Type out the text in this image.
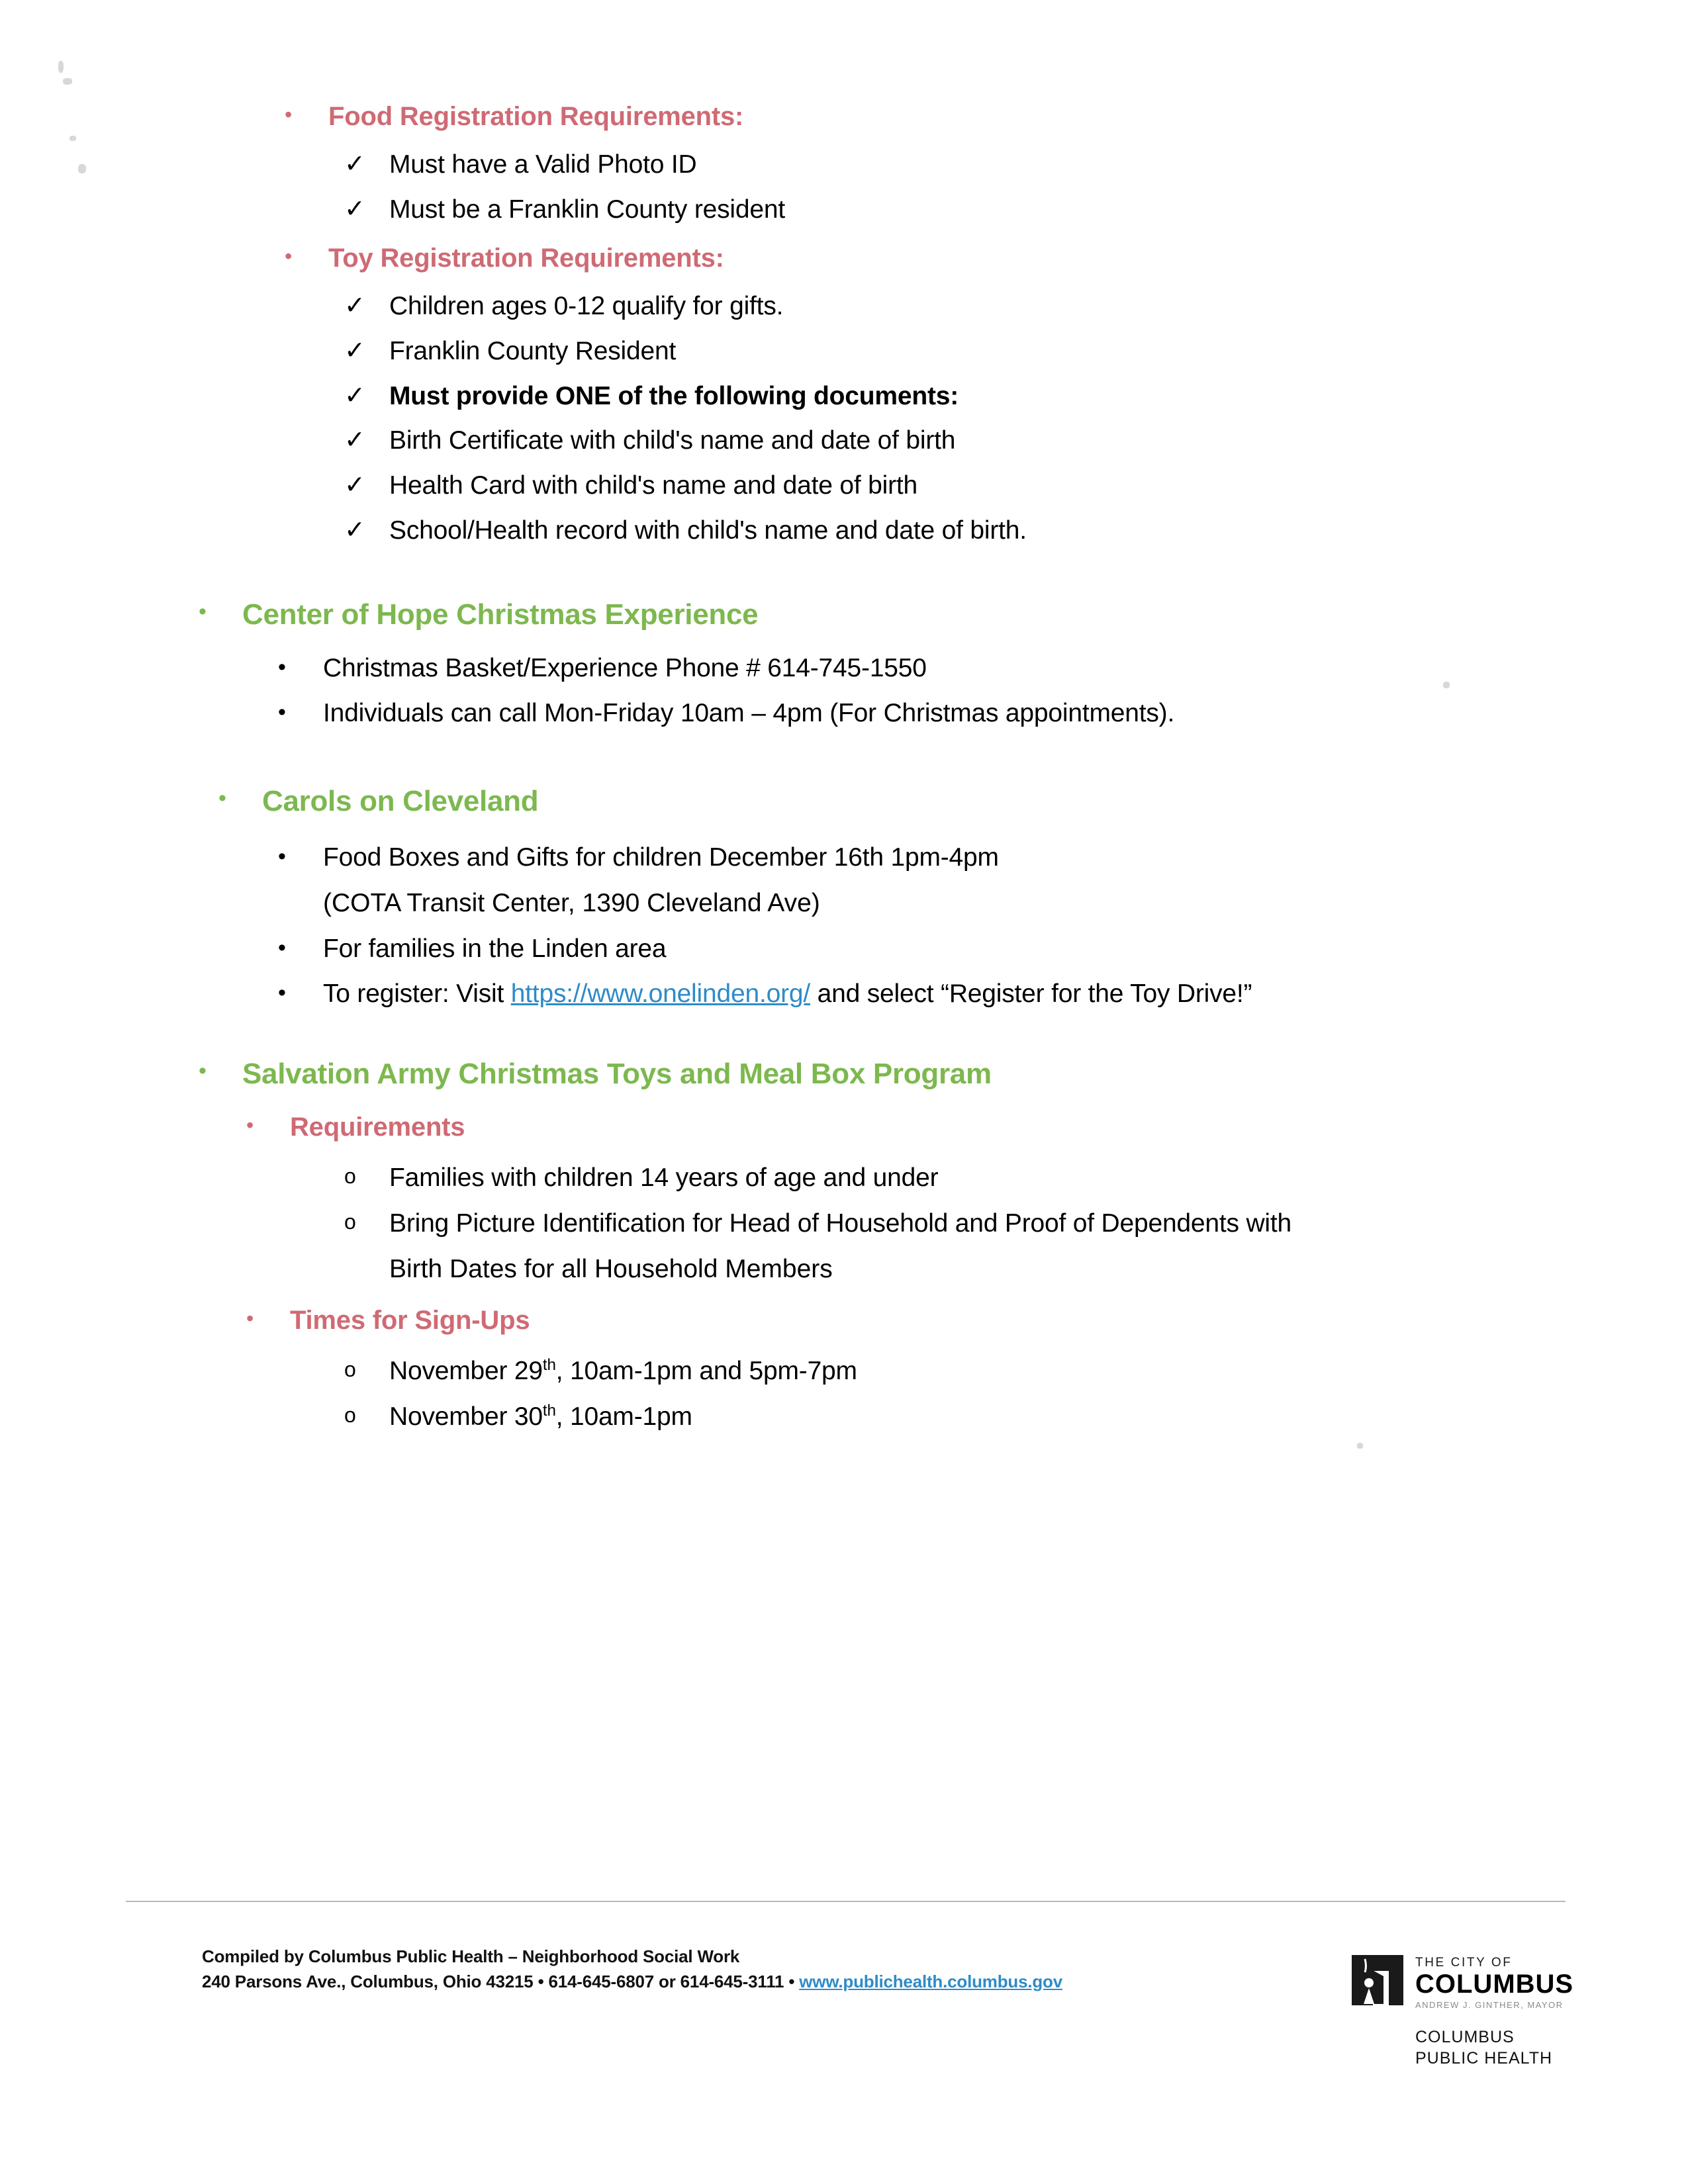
•	Food Registration Requirements:
✓ Must have a Valid Photo ID
✓ Must be a Franklin County resident
•	Toy Registration Requirements:
✓ Children ages 0-12 qualify for gifts.
✓ Franklin County Resident
✓ Must provide ONE of the following documents:
✓ Birth Certificate with child's name and date of birth
✓ Health Card with child's name and date of birth
✓ School/Health record with child's name and date of birth.
•	Center of Hope Christmas Experience
•	Christmas Basket/Experience Phone # 614-745-1550
•	Individuals can call Mon-Friday 10am – 4pm (For Christmas appointments).
•	Carols on Cleveland
•	Food Boxes and Gifts for children December 16th 1pm-4pm
(COTA Transit Center, 1390 Cleveland Ave)
•	For families in the Linden area
•	To register: Visit https://www.onelinden.org/ and select “Register for the Toy Drive!”
•	Salvation Army Christmas Toys and Meal Box Program
•	Requirements
o	Families with children 14 years of age and under
o	Bring Picture Identification for Head of Household and Proof of Dependents with
Birth Dates for all Household Members
•	Times for Sign-Ups
o	November 29th, 10am-1pm and 5pm-7pm
o	November 30th, 10am-1pm
Compiled by Columbus Public Health – Neighborhood Social Work
240 Parsons Ave., Columbus, Ohio 43215 • 614-645-6807 or 614-645-3111 • www.publichealth.columbus.gov
THE CITY OF
COLUMBUS
ANDREW J. GINTHER, MAYOR
COLUMBUS
PUBLIC HEALTH
